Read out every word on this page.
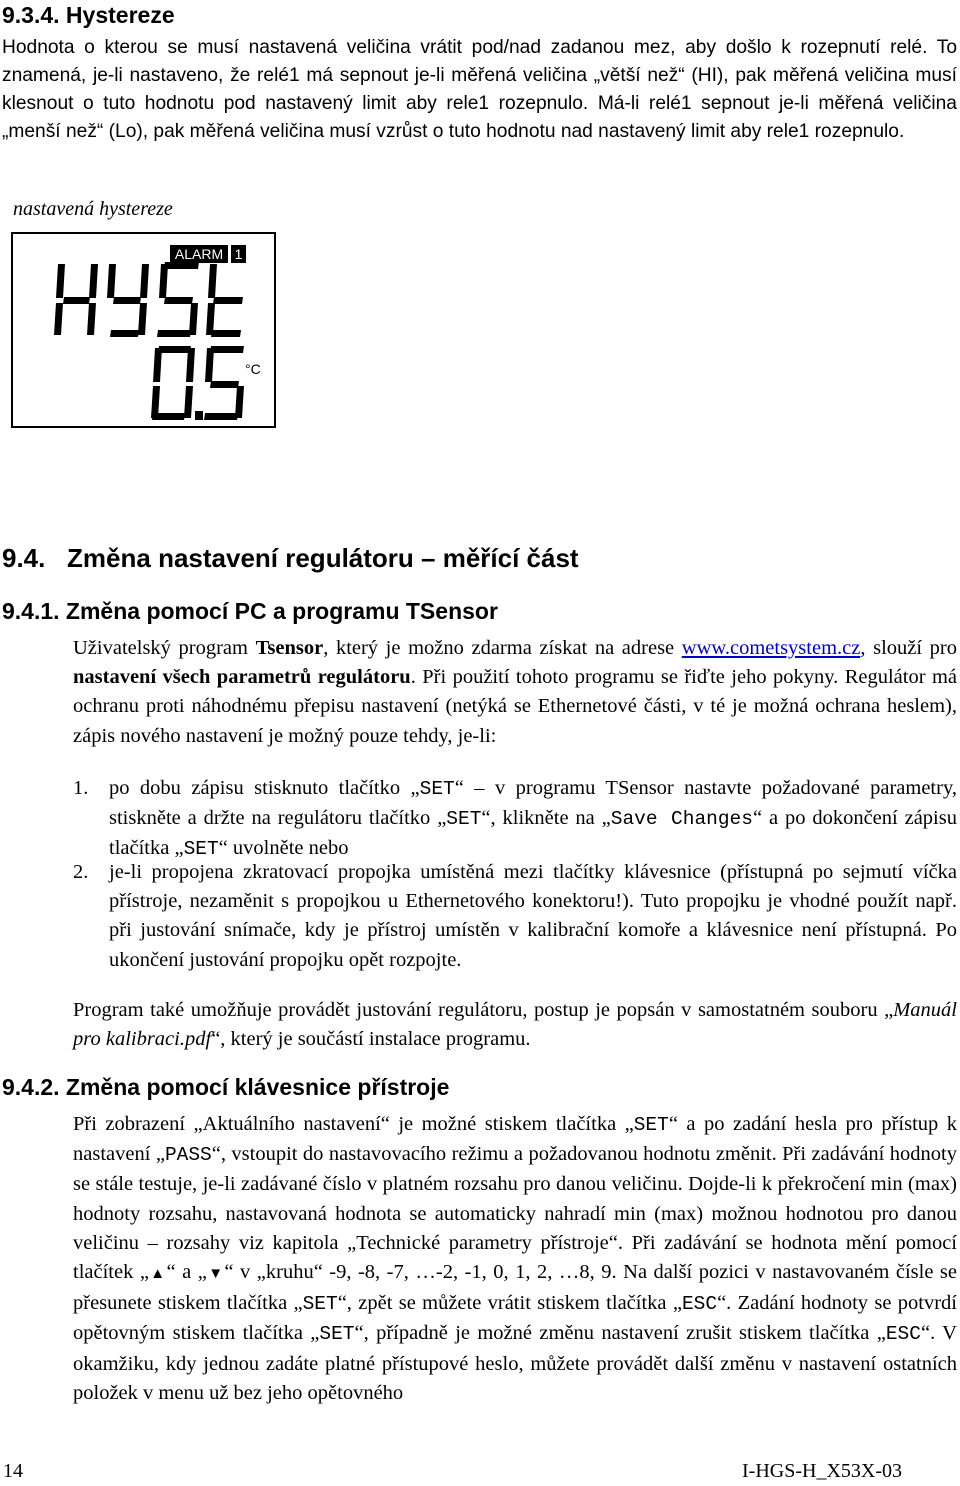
9.3.4. Hystereze

Hodnota o kterou se musí nastavená veličina vrátit pod/nad zadanou mez, aby došlo k rozepnutí relé. To znamená, je-li nastaveno, že relé1 má sepnout je-li měřená veličina „větší než“ (HI), pak měřená veličina musí klesnout o tuto hodnotu pod nastavený limit aby rele1 rozepnulo. Má-li relé1 sepnout je-li měřená veličina „menší než“ (Lo), pak měřená veličina musí vzrůst o tuto hodnotu nad nastavený limit aby rele1 rozepnulo.

nastavená hystereze
ALARM 1
°C
9.4.   Změna nastavení regulátoru – měřící část
9.4.1. Změna pomocí PC a programu TSensor

Uživatelský program Tsensor, který je možno zdarma získat na adrese www.cometsystem.cz, slouží pro nastavení všech parametrů regulátoru. Při použití tohoto programu se řiďte jeho pokyny. Regulátor má ochranu proti náhodnému přepisu nastavení (netýká se Ethernetové části, v té je možná ochrana heslem), zápis nového nastavení je možný pouze tehdy, je-li:

1. po dobu zápisu stisknuto tlačítko „SET“ – v programu TSensor nastavte požadované parametry, stiskněte a držte na regulátoru tlačítko „SET“, klikněte na „Save Changes“ a po dokončení zápisu tlačítka „SET“ uvolněte nebo
2. je-li propojena zkratovací propojka umístěná mezi tlačítky klávesnice (přístupná po sejmutí víčka přístroje, nezaměnit s propojkou u Ethernetového konektoru!). Tuto propojku je vhodné použít např. při justování snímače, kdy je přístroj umístěn v kalibrační komoře a klávesnice není přístupná. Po ukončení justování propojku opět rozpojte.

Program také umožňuje provádět justování regulátoru, postup je popsán v samostatném souboru „Manuál pro kalibraci.pdf“, který je součástí instalace programu.

9.4.2. Změna pomocí klávesnice přístroje

Při zobrazení „Aktuálního nastavení“ je možné stiskem tlačítka „SET“ a po zadání hesla pro přístup k nastavení „PASS“, vstoupit do nastavovacího režimu a požadovanou hodnotu změnit. Při zadávání hodnoty se stále testuje, je-li zadávané číslo v platném rozsahu pro danou veličinu. Dojde-li k překročení min (max) hodnoty rozsahu, nastavovaná hodnota se automaticky nahradí min (max) možnou hodnotou pro danou veličinu – rozsahy viz kapitola „Technické parametry přístroje“. Při zadávání se hodnota mění pomocí tlačítek „▲“ a „▼“ v „kruhu“ -9, -8, -7, …-2, -1, 0, 1, 2, …8, 9. Na další pozici v nastavovaném čísle se přesunete stiskem tlačítka „SET“, zpět se můžete vrátit stiskem tlačítka „ESC“. Zadání hodnoty se potvrdí opětovným stiskem tlačítka „SET“, případně je možné změnu nastavení zrušit stiskem tlačítka „ESC“. V okamžiku, kdy jednou zadáte platné přístupové heslo, můžete provádět další změnu v nastavení ostatních položek v menu už bez jeho opětovného

14	I-HGS-H_X53X-03
